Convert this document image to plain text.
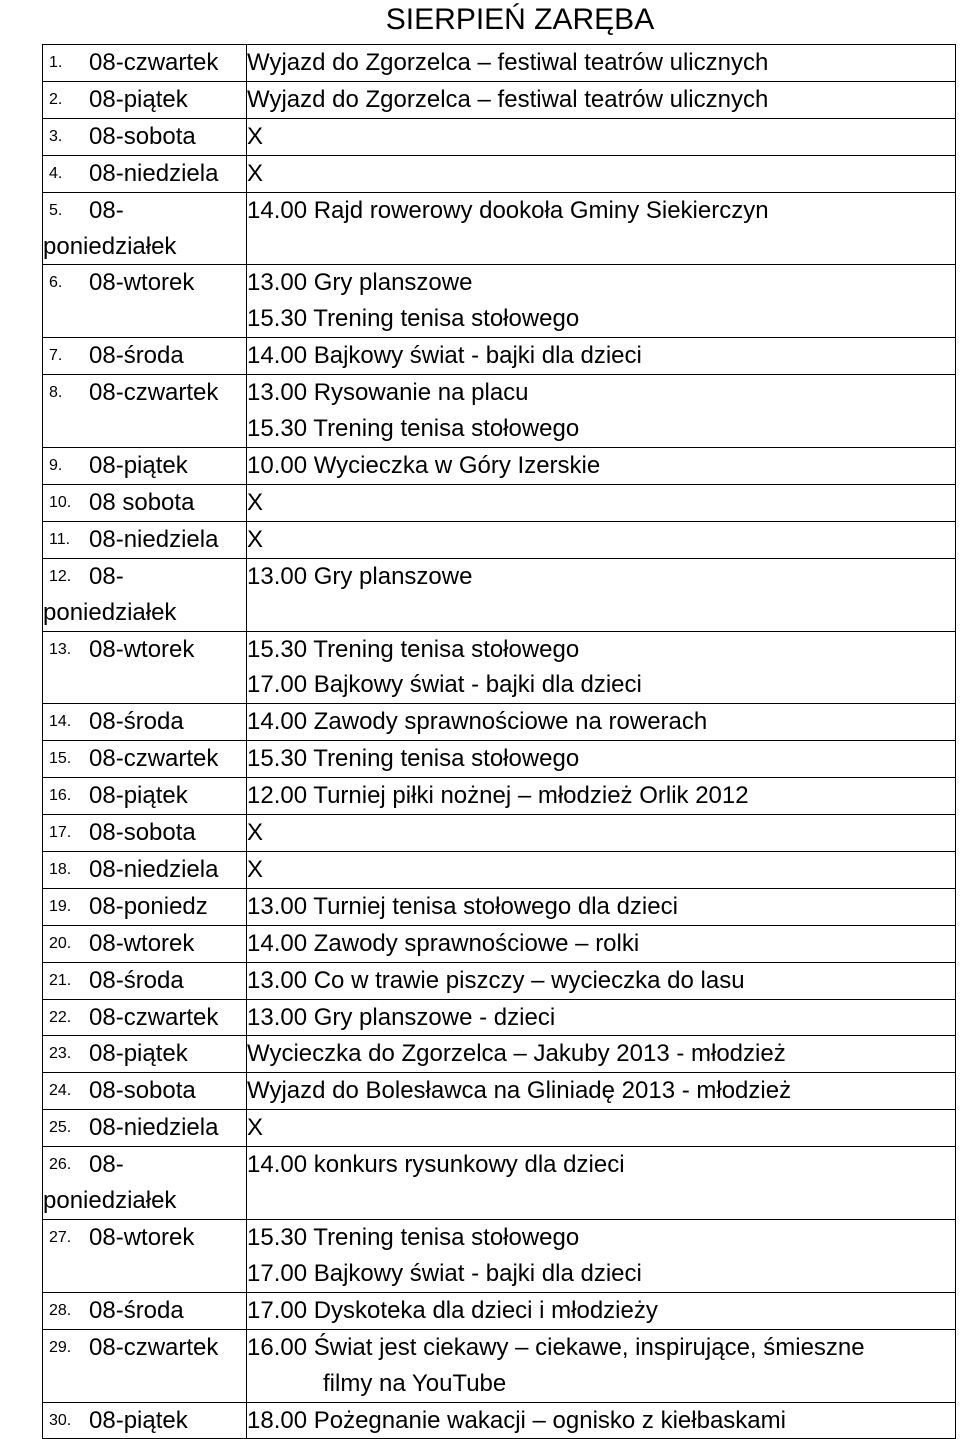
SIERPIEŃ ZARĘBA
1. 08-czwartek	Wyjazd do Zgorzelca – festiwal teatrów ulicznych

2. 08-piątek	Wyjazd do Zgorzelca – festiwal teatrów ulicznych

3. 08-sobota	X

4. 08-niedziela	X

5. 08-
poniedziałek	14.00 Rajd rowerowy dookoła Gminy Siekierczyn

6. 08-wtorek	13.00 Gry planszowe
15.30 Trening tenisa stołowego

7. 08-środa	14.00 Bajkowy świat - bajki dla dzieci

8. 08-czwartek	13.00 Rysowanie na placu
15.30 Trening tenisa stołowego

9. 08-piątek	10.00 Wycieczka w Góry Izerskie

10. 08 sobota	X

11. 08-niedziela	X

12. 08-
poniedziałek	13.00 Gry planszowe

13. 08-wtorek	15.30 Trening tenisa stołowego
17.00 Bajkowy świat - bajki dla dzieci

14. 08-środa	14.00 Zawody sprawnościowe na rowerach

15. 08-czwartek	15.30 Trening tenisa stołowego

16. 08-piątek	12.00 Turniej piłki nożnej – młodzież Orlik 2012

17. 08-sobota	X

18. 08-niedziela	X

19. 08-poniedz	13.00 Turniej tenisa stołowego dla dzieci

20. 08-wtorek	14.00 Zawody sprawnościowe – rolki

21. 08-środa	13.00 Co w trawie piszczy – wycieczka do lasu

22. 08-czwartek	13.00 Gry planszowe - dzieci

23. 08-piątek	Wycieczka do Zgorzelca – Jakuby 2013 - młodzież

24. 08-sobota	Wyjazd do Bolesławca na Gliniadę 2013 - młodzież

25. 08-niedziela	X

26. 08-
poniedziałek	14.00 konkurs rysunkowy dla dzieci

27. 08-wtorek	15.30 Trening tenisa stołowego
17.00 Bajkowy świat - bajki dla dzieci

28. 08-środa	17.00 Dyskoteka dla dzieci i młodzieży

29. 08-czwartek	16.00 Świat jest ciekawy – ciekawe, inspirujące, śmieszne
filmy na YouTube

30. 08-piątek	18.00 Pożegnanie wakacji – ognisko z kiełbaskami
